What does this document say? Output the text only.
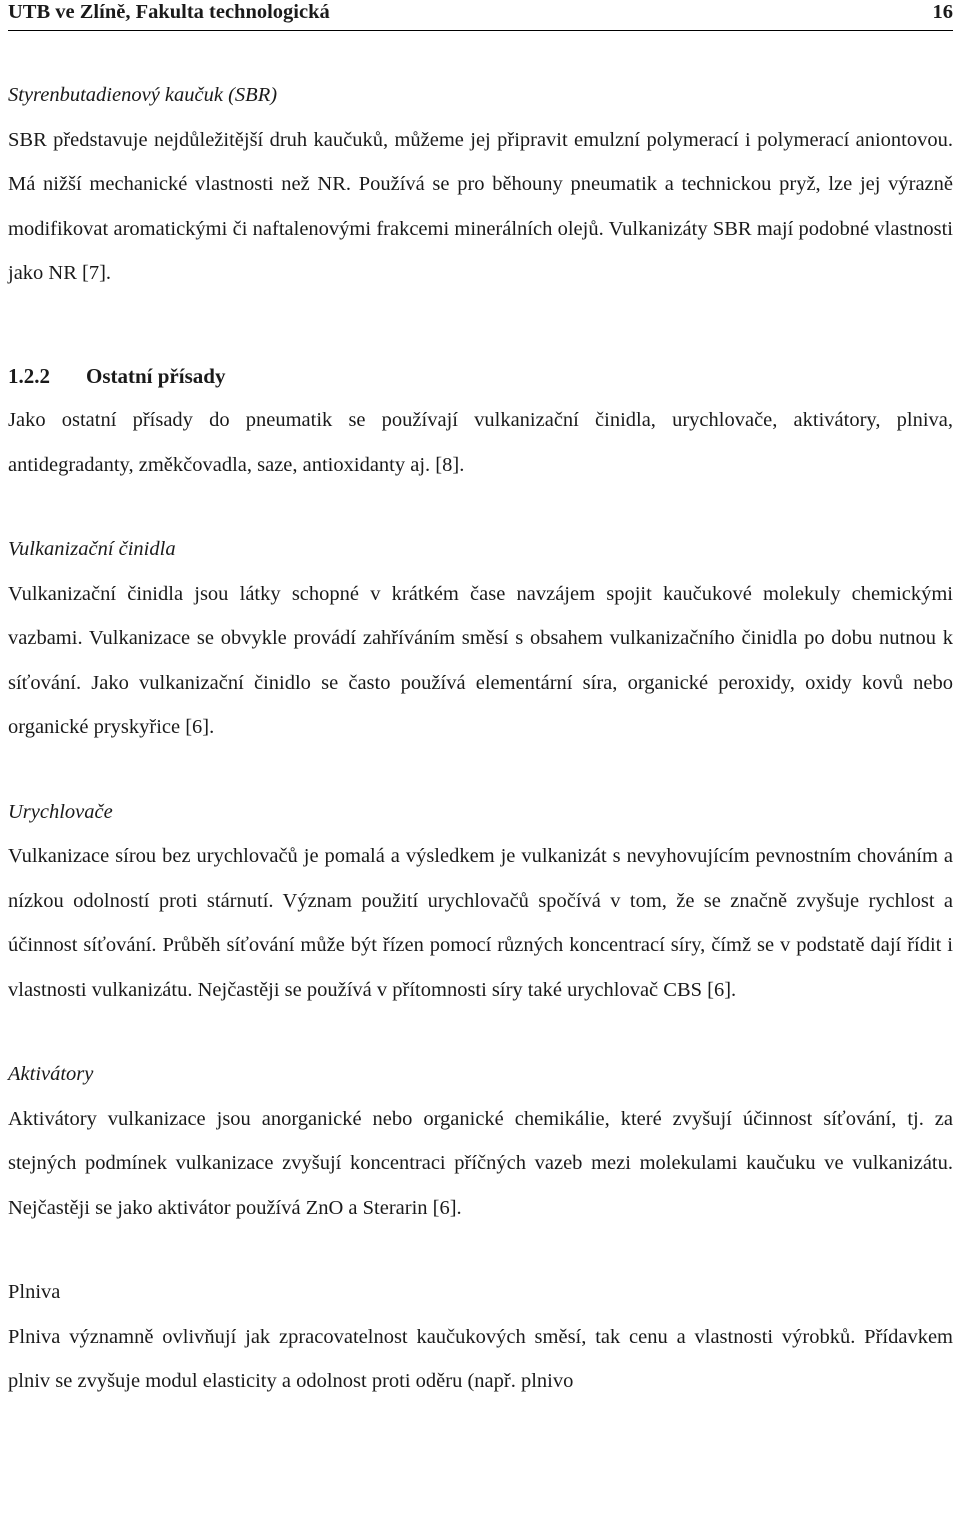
UTB ve Zlíně, Fakulta technologická	16
Styrenbutadienový kaučuk (SBR)

SBR představuje nejdůležitější druh kaučuků, můžeme jej připravit emulzní polymerací i polymerací aniontovou. Má nižší mechanické vlastnosti než NR. Používá se pro běhouny pneumatik a technickou pryž, lze jej výrazně modifikovat aromatickými či naftalenovými frakcemi minerálních olejů. Vulkanizáty SBR mají podobné vlastnosti jako NR [7].

1.2.2 Ostatní přísady

Jako ostatní přísady do pneumatik se používají vulkanizační činidla, urychlovače, aktivátory, plniva, antidegradanty, změkčovadla, saze, antioxidanty aj. [8].

Vulkanizační činidla

Vulkanizační činidla jsou látky schopné v krátkém čase navzájem spojit kaučukové molekuly chemickými vazbami. Vulkanizace se obvykle provádí zahříváním směsí s obsahem vulkanizačního činidla po dobu nutnou k síťování. Jako vulkanizační činidlo se často používá elementární síra, organické peroxidy, oxidy kovů nebo organické pryskyřice [6].

Urychlovače

Vulkanizace sírou bez urychlovačů je pomalá a výsledkem je vulkanizát s nevyhovujícím pevnostním chováním a nízkou odolností proti stárnutí. Význam použití urychlovačů spočívá v tom, že se značně zvyšuje rychlost a účinnost síťování. Průběh síťování může být řízen pomocí různých koncentrací síry, čímž se v podstatě dají řídit i vlastnosti vulkanizátu. Nejčastěji se používá v přítomnosti síry také urychlovač CBS [6].

Aktivátory

Aktivátory vulkanizace jsou anorganické nebo organické chemikálie, které zvyšují účinnost síťování, tj. za stejných podmínek vulkanizace zvyšují koncentraci příčných vazeb mezi molekulami kaučuku ve vulkanizátu. Nejčastěji se jako aktivátor používá ZnO a Sterarin [6].

Plniva

Plniva významně ovlivňují jak zpracovatelnost kaučukových směsí, tak cenu a vlastnosti výrobků. Přídavkem plniv se zvyšuje modul elasticity a odolnost proti oděru (např. plnivo
